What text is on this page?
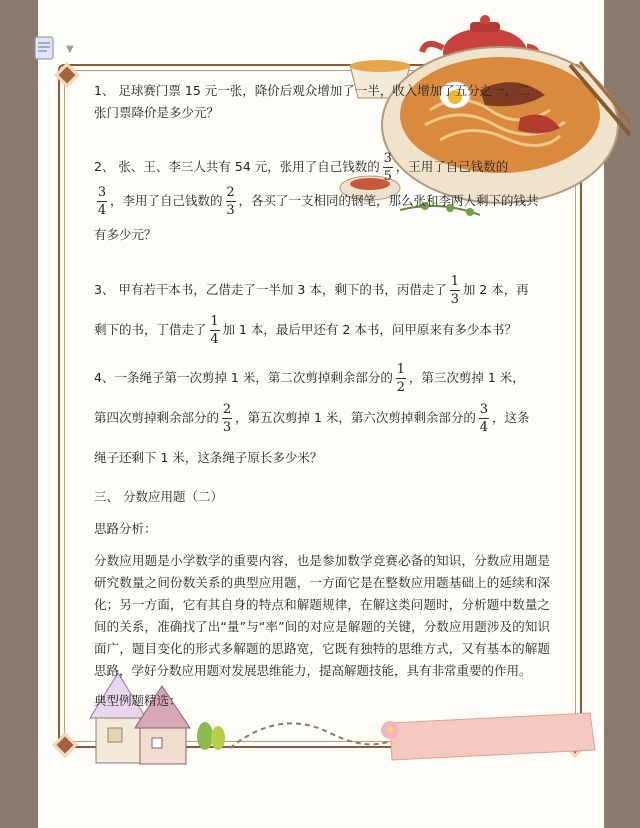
▼

1、 足球赛门票 15 元一张，降价后观众增加了一半，收入增加了五分之一，二
张门票降价是多少元？

2、 张、王、李三人共有 54 元，张用了自己钱数的 $\frac{3}{5}$ ，王用了自己钱数的

$\frac{3}{4}$ ，李用了自己钱数的 $\frac{2}{3}$ ，各买了一支相同的钢笔，那么张和李两人剩下的钱共
有多少元？

3、 甲有若干本书，乙借走了一半加 3 本，剩下的书，丙借走了 $\frac{1}{3}$ 加 2 本，再
剩下的书，丁借走了 $\frac{1}{4}$ 加 1 本，最后甲还有 2 本书，问甲原来有多少本书？

4、一条绳子第一次剪掉 1 米，第二次剪掉剩余部分的 $\frac{1}{2}$ ，第三次剪掉 1 米，
第四次剪掉剩余部分的 $\frac{2}{3}$ ，第五次剪掉 1 米，第六次剪掉剩余部分的 $\frac{3}{4}$ ，这条
绳子还剩下 1 米，这条绳子原长多少米？

三、 分数应用题（二）

思路分析：

分数应用题是小学数学的重要内容，也是参加数学竞赛必备的知识，分数应用题是研究数量之间份数关系的典型应用题，一方面它是在整数应用题基础上的延续和深化；另一方面，它有其自身的特点和解题规律，在解这类问题时，分析题中数量之间的关系，准确找了出“量”与“率”间的对应是解题的关键，分数应用题涉及的知识面广，题目变化的形式多解题的思路宽，它既有独特的思维方式，又有基本的解题思路，学好分数应用题对发展思维能力，提高解题技能，具有非常重要的作用。

典型例题精选：
